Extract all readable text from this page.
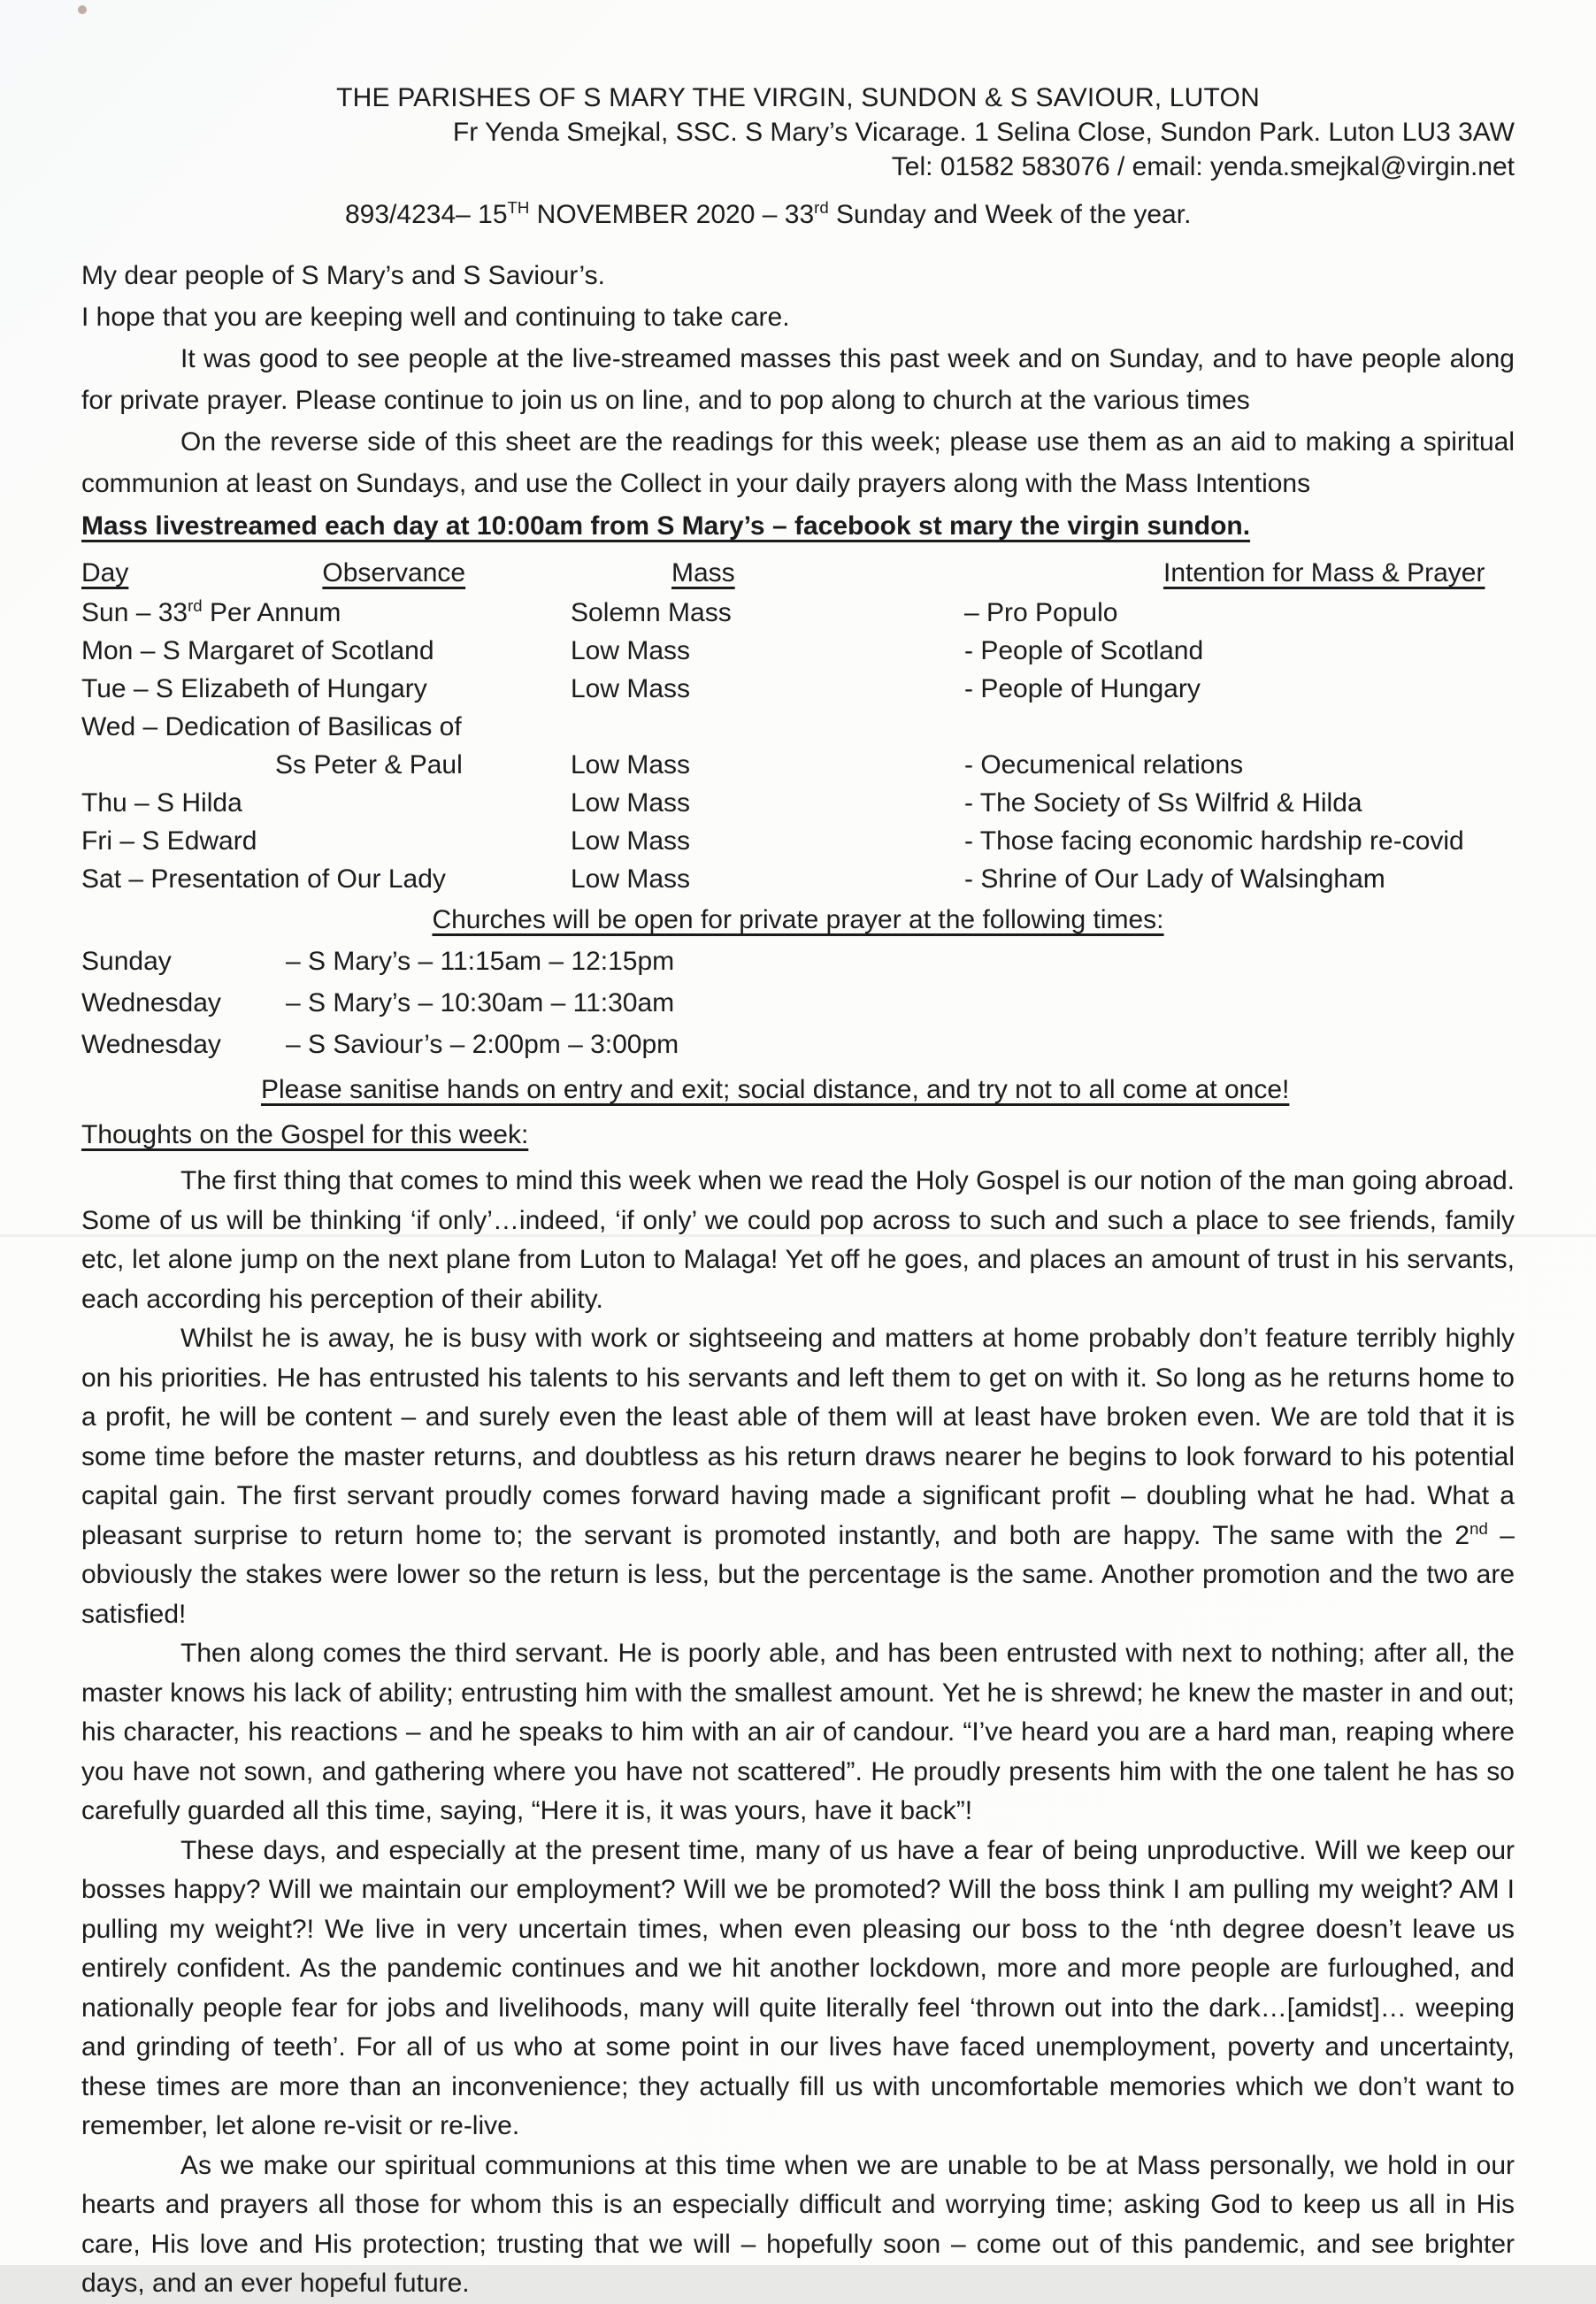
THE PARISHES OF S MARY THE VIRGIN, SUNDON & S SAVIOUR, LUTON
Fr Yenda Smejkal, SSC. S Mary’s Vicarage. 1 Selina Close, Sundon Park. Luton LU3 3AW
Tel: 01582 583076 / email: yenda.smejkal@virgin.net
893/4234– 15TH NOVEMBER 2020 – 33rd Sunday and Week of the year.

My dear people of S Mary’s and S Saviour’s.

I hope that you are keeping well and continuing to take care.

It was good to see people at the live-streamed masses this past week and on Sunday, and to have people along for private prayer. Please continue to join us on line, and to pop along to church at the various times

On the reverse side of this sheet are the readings for this week; please use them as an aid to making a spiritual communion at least on Sundays, and use the Collect in your daily prayers along with the Mass Intentions

Mass livestreamed each day at 10:00am from S Mary’s – facebook st mary the virgin sundon.

Day	Observance	Mass	Intention for Mass & Prayer
Sun – 33rd Per Annum	Solemn Mass	– Pro Populo
Mon – S Margaret of Scotland	Low Mass	- People of Scotland
Tue – S Elizabeth of Hungary	Low Mass	- People of Hungary
Wed – Dedication of Basilicas of
Ss Peter & Paul	Low Mass	- Oecumenical relations
Thu – S Hilda	Low Mass	- The Society of Ss Wilfrid & Hilda
Fri – S Edward	Low Mass	- Those facing economic hardship re-covid
Sat – Presentation of Our Lady	Low Mass	- Shrine of Our Lady of Walsingham
Churches will be open for private prayer at the following times:
Sunday	– S Mary’s – 11:15am – 12:15pm
Wednesday	– S Mary’s – 10:30am – 11:30am
Wednesday	– S Saviour’s – 2:00pm – 3:00pm
Please sanitise hands on entry and exit; social distance, and try not to all come at once!
Thoughts on the Gospel for this week:

The first thing that comes to mind this week when we read the Holy Gospel is our notion of the man going abroad. Some of us will be thinking ‘if only’…indeed, ‘if only’ we could pop across to such and such a place to see friends, family etc, let alone jump on the next plane from Luton to Malaga! Yet off he goes, and places an amount of trust in his servants, each according his perception of their ability.

Whilst he is away, he is busy with work or sightseeing and matters at home probably don’t feature terribly highly on his priorities. He has entrusted his talents to his servants and left them to get on with it. So long as he returns home to a profit, he will be content – and surely even the least able of them will at least have broken even. We are told that it is some time before the master returns, and doubtless as his return draws nearer he begins to look forward to his potential capital gain. The first servant proudly comes forward having made a significant profit – doubling what he had. What a pleasant surprise to return home to; the servant is promoted instantly, and both are happy. The same with the 2nd – obviously the stakes were lower so the return is less, but the percentage is the same. Another promotion and the two are satisfied!

Then along comes the third servant. He is poorly able, and has been entrusted with next to nothing; after all, the master knows his lack of ability; entrusting him with the smallest amount. Yet he is shrewd; he knew the master in and out; his character, his reactions – and he speaks to him with an air of candour. “I’ve heard you are a hard man, reaping where you have not sown, and gathering where you have not scattered”. He proudly presents him with the one talent he has so carefully guarded all this time, saying, “Here it is, it was yours, have it back”!

These days, and especially at the present time, many of us have a fear of being unproductive. Will we keep our bosses happy? Will we maintain our employment? Will we be promoted? Will the boss think I am pulling my weight? AM I pulling my weight?! We live in very uncertain times, when even pleasing our boss to the ‘nth degree doesn’t leave us entirely confident. As the pandemic continues and we hit another lockdown, more and more people are furloughed, and nationally people fear for jobs and livelihoods, many will quite literally feel ‘thrown out into the dark…[amidst]… weeping and grinding of teeth’. For all of us who at some point in our lives have faced unemployment, poverty and uncertainty, these times are more than an inconvenience; they actually fill us with uncomfortable memories which we don’t want to remember, let alone re-visit or re-live.

As we make our spiritual communions at this time when we are unable to be at Mass personally, we hold in our hearts and prayers all those for whom this is an especially difficult and worrying time; asking God to keep us all in His care, His love and His protection; trusting that we will – hopefully soon – come out of this pandemic, and see brighter days, and an ever hopeful future.
